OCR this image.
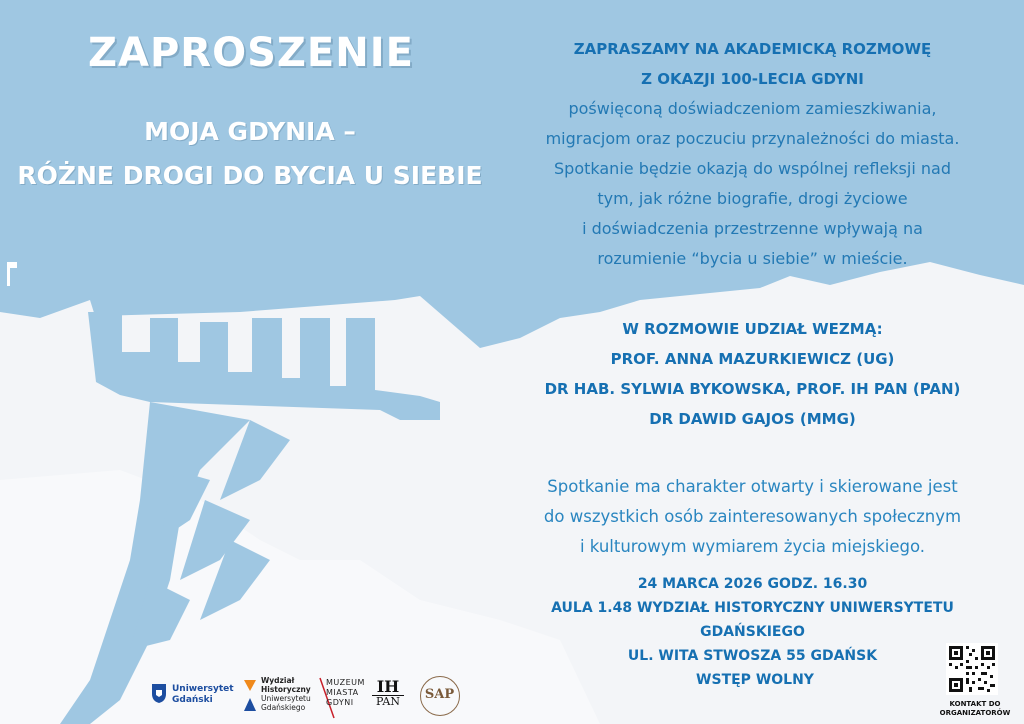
ZAPROSZENIE
MOJA GDYNIA –
RÓŻNE DROGI DO BYCIA U SIEBIE
ZAPRASZAMY NA AKADEMICKĄ ROZMOWĘ
Z OKAZJI 100-LECIA GDYNI
poświęconą doświadczeniom zamieszkiwania,
migracjom oraz poczuciu przynależności do miasta.
Spotkanie będzie okazją do wspólnej refleksji nad
tym, jak różne biografie, drogi życiowe
i doświadczenia przestrzenne wpływają na
rozumienie “bycia u siebie” w mieście.
W ROZMOWIE UDZIAŁ WEZMĄ:
PROF. ANNA MAZURKIEWICZ (UG)
DR HAB. SYLWIA BYKOWSKA, PROF. IH PAN (PAN)
DR DAWID GAJOS (MMG)
Spotkanie ma charakter otwarty i skierowane jest
do wszystkich osób zainteresowanych społecznym
i kulturowym wymiarem życia miejskiego.
24 MARCA 2026 GODZ. 16.30
AULA 1.48 WYDZIAŁ HISTORYCZNY UNIWERSYTETU GDAŃSKIEGO
UL. WITA STWOSZA 55 GDAŃSK
WSTĘP WOLNY
Uniwersytet
Gdański
Wydział
Historyczny
Uniwersytetu
Gdańskiego
MUZEUM
MIASTA
GDYNI
IH
PAN	SAP
KONTAKT DO ORGANIZATORÓW
